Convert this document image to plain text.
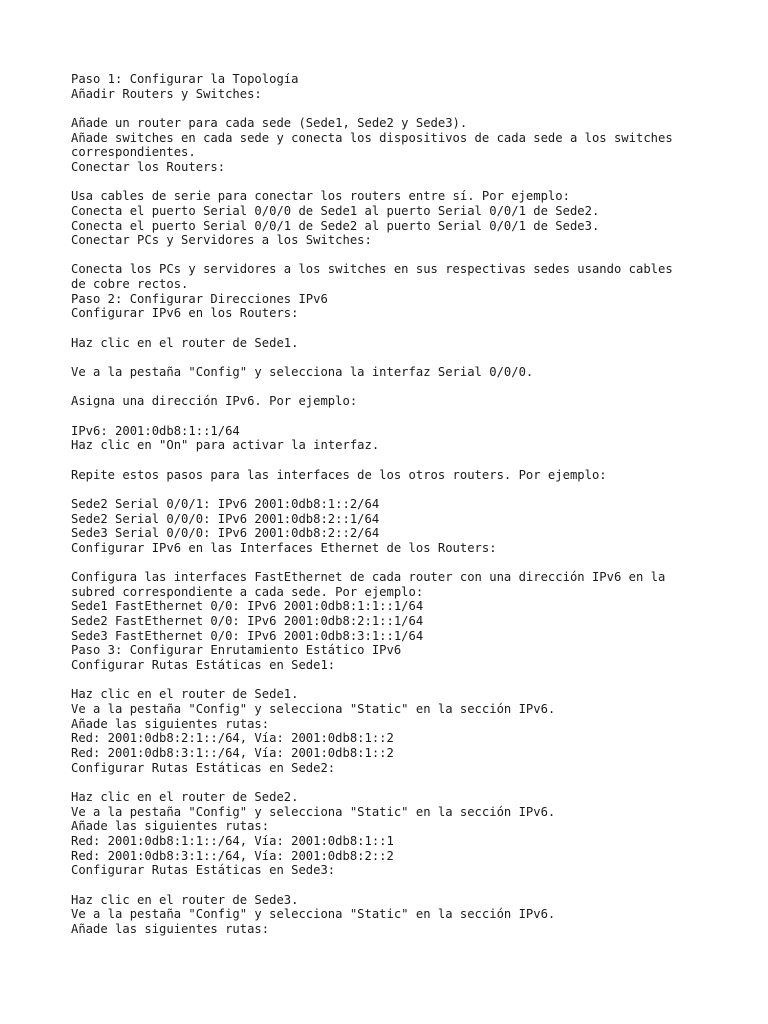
Paso 1: Configurar la Topología
Añadir Routers y Switches:
Añade un router para cada sede (Sede1, Sede2 y Sede3).
Añade switches en cada sede y conecta los dispositivos de cada sede a los switches
correspondientes.
Conectar los Routers:
Usa cables de serie para conectar los routers entre sí. Por ejemplo:
Conecta el puerto Serial 0/0/0 de Sede1 al puerto Serial 0/0/1 de Sede2.
Conecta el puerto Serial 0/0/1 de Sede2 al puerto Serial 0/0/1 de Sede3.
Conectar PCs y Servidores a los Switches:
Conecta los PCs y servidores a los switches en sus respectivas sedes usando cables
de cobre rectos.
Paso 2: Configurar Direcciones IPv6
Configurar IPv6 en los Routers:
Haz clic en el router de Sede1.
Ve a la pestaña "Config" y selecciona la interfaz Serial 0/0/0.
Asigna una dirección IPv6. Por ejemplo:
IPv6: 2001:0db8:1::1/64
Haz clic en "On" para activar la interfaz.
Repite estos pasos para las interfaces de los otros routers. Por ejemplo:
Sede2 Serial 0/0/1: IPv6 2001:0db8:1::2/64
Sede2 Serial 0/0/0: IPv6 2001:0db8:2::1/64
Sede3 Serial 0/0/0: IPv6 2001:0db8:2::2/64
Configurar IPv6 en las Interfaces Ethernet de los Routers:
Configura las interfaces FastEthernet de cada router con una dirección IPv6 en la
subred correspondiente a cada sede. Por ejemplo:
Sede1 FastEthernet 0/0: IPv6 2001:0db8:1:1::1/64
Sede2 FastEthernet 0/0: IPv6 2001:0db8:2:1::1/64
Sede3 FastEthernet 0/0: IPv6 2001:0db8:3:1::1/64
Paso 3: Configurar Enrutamiento Estático IPv6
Configurar Rutas Estáticas en Sede1:
Haz clic en el router de Sede1.
Ve a la pestaña "Config" y selecciona "Static" en la sección IPv6.
Añade las siguientes rutas:
Red: 2001:0db8:2:1::/64, Vía: 2001:0db8:1::2
Red: 2001:0db8:3:1::/64, Vía: 2001:0db8:1::2
Configurar Rutas Estáticas en Sede2:
Haz clic en el router de Sede2.
Ve a la pestaña "Config" y selecciona "Static" en la sección IPv6.
Añade las siguientes rutas:
Red: 2001:0db8:1:1::/64, Vía: 2001:0db8:1::1
Red: 2001:0db8:3:1::/64, Vía: 2001:0db8:2::2
Configurar Rutas Estáticas en Sede3:
Haz clic en el router de Sede3.
Ve a la pestaña "Config" y selecciona "Static" en la sección IPv6.
Añade las siguientes rutas:
